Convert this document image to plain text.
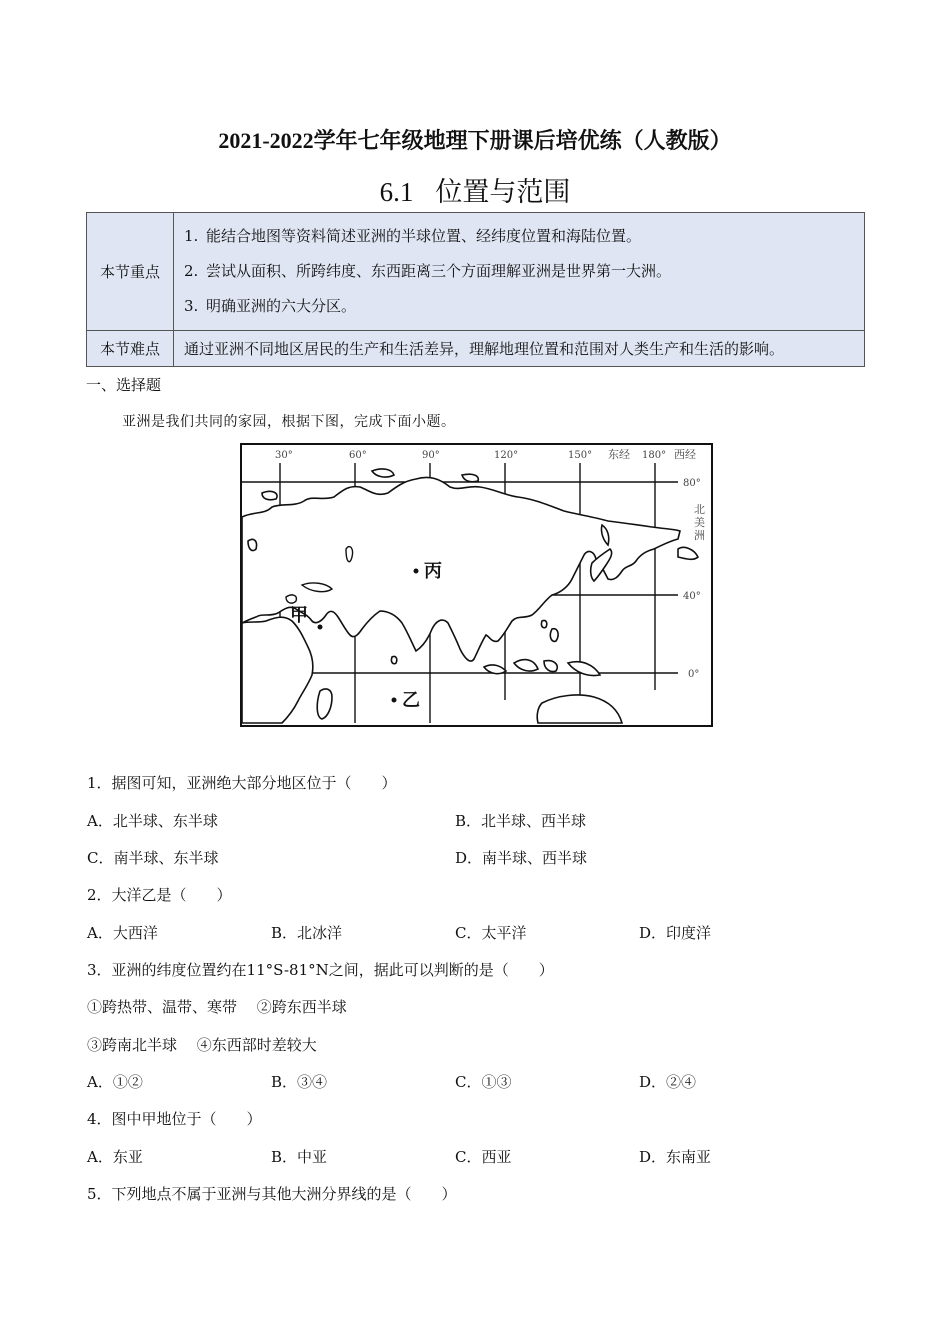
2021-2022学年七年级地理下册课后培优练（人教版）
6.1 位置与范围
本节重点	1. 能结合地图等资料简述亚洲的半球位置、经纬度位置和海陆位置。
2. 尝试从面积、所跨纬度、东西距离三个方面理解亚洲是世界第一大洲。
3. 明确亚洲的六大分区。

本节难点	通过亚洲不同地区居民的生产和生活差异，理解地理位置和范围对人类生产和生活的影响。
一、选择题
亚洲是我们共同的家园，根据下图，完成下面小题。
30°	60°	90°	120°	150° 东经 180° 西经
80°
40°
0°
北
美
洲
丙
甲
乙
1．据图可知，亚洲绝大部分地区位于（　　）
A．北半球、东半球	B．北半球、西半球
C．南半球、东半球	D．南半球、西半球
2．大洋乙是（　　）
A．大西洋	B．北冰洋	C．太平洋	D．印度洋
3．亚洲的纬度位置约在11°S-81°N之间，据此可以判断的是（　　）
①跨热带、温带、寒带　 ②跨东西半球
③跨南北半球　 ④东西部时差较大
A．①②	B．③④	C．①③	D．②④
4．图中甲地位于（　　）
A．东亚	B．中亚	C．西亚	D．东南亚
5．下列地点不属于亚洲与其他大洲分界线的是（　　）
